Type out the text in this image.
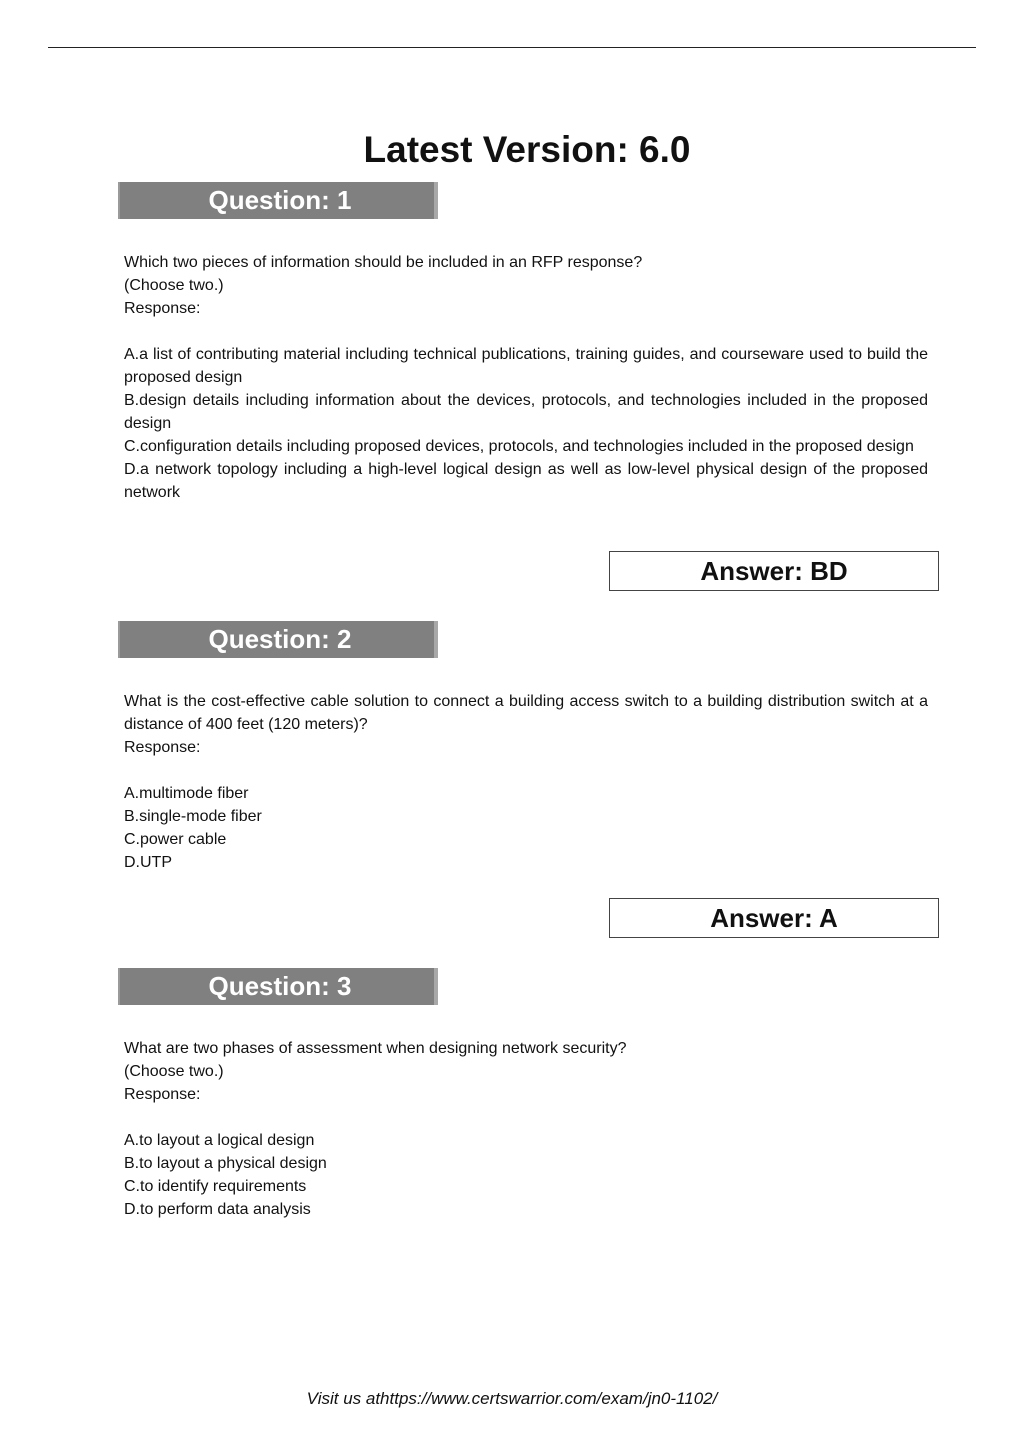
Latest Version: 6.0
Question: 1

Which two pieces of information should be included in an RFP response?

(Choose two.)

Response:

A.a list of contributing material including technical publications, training guides, and courseware used to build the proposed design

B.design details including information about the devices, protocols, and technologies included in the proposed design

C.configuration details including proposed devices, protocols, and technologies included in the proposed design

D.a network topology including a high-level logical design as well as low-level physical design of the proposed network

Answer: BD
Question: 2

What is the cost-effective cable solution to connect a building access switch to a building distribution switch at a distance of 400 feet (120 meters)?

Response:

A.multimode fiber

B.single-mode fiber

C.power cable

D.UTP

Answer: A
Question: 3

What are two phases of assessment when designing network security?

(Choose two.)

Response:

A.to layout a logical design

B.to layout a physical design

C.to identify requirements

D.to perform data analysis

Visit us athttps://www.certswarrior.com/exam/jn0-1102/
